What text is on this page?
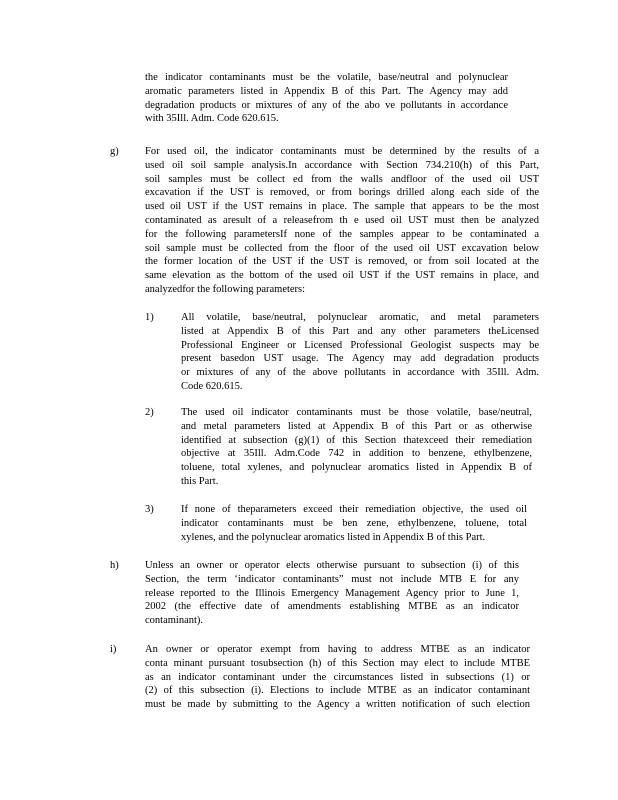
the indicator contaminants must be the volatile, base/neutral and polynuclear
aromatic parameters listed in Appendix B of this Part. The Agency may add
degradation products or mixtures of any of the abo ve pollutants in accordance
with 35Ill. Adm. Code 620.615.
g)	For used oil, the indicator contaminants must be determined by the results of a
used oil soil sample analysis.In accordance with Section 734.210(h) of this Part,
soil samples must be collect ed from the walls andfloor of the used oil UST
excavation if the UST is removed, or from borings drilled along each side of the
used oil UST if the UST remains in place. The sample that appears to be the most
contaminated as aresult of a releasefrom th e used oil UST must then be analyzed
for the following parametersIf none of the samples appear to be contaminated a
soil sample must be collected from the floor of the used oil UST excavation below
the former location of the UST if the UST is removed, or from soil located at the
same elevation as the bottom of the used oil UST if the UST remains in place, and
analyzedfor the following parameters:
1)	All volatile, base/neutral, polynuclear aromatic, and metal parameters
listed at Appendix B of this Part and any other parameters theLicensed
Professional Engineer or Licensed Professional Geologist suspects may be
present basedon UST usage. The Agency may add degradation products
or mixtures of any of the above pollutants in accordance with 35Ill. Adm.
Code 620.615.
2)	The used oil indicator contaminants must be those volatile, base/neutral,
and metal parameters listed at Appendix B of this Part or as otherwise
identified at subsection (g)(1) of this Section thatexceed their remediation
objective at 35Ill. Adm.Code 742 in addition to benzene, ethylbenzene,
toluene, total xylenes, and polynuclear aromatics listed in Appendix B of
this Part.
3)	If none of theparameters exceed their remediation objective, the used oil
indicator contaminants must be ben zene, ethylbenzene, toluene, total
xylenes, and the polynuclear aromatics listed in Appendix B of this Part.
h)	Unless an owner or operator elects otherwise pursuant to subsection (i) of this
Section, the term ‘indicator contaminants” must not include MTB E for any
release reported to the Illinois Emergency Management Agency prior to June 1,
2002 (the effective date of amendments establishing MTBE as an indicator
contaminant).
i)	An owner or operator exempt from having to address MTBE as an indicator
conta minant pursuant tosubsection (h) of this Section may elect to include MTBE
as an indicator contaminant under the circumstances listed in subsections (1) or
(2) of this subsection (i). Elections to include MTBE as an indicator contaminant
must be made by submitting to the Agency a written notification of such election
